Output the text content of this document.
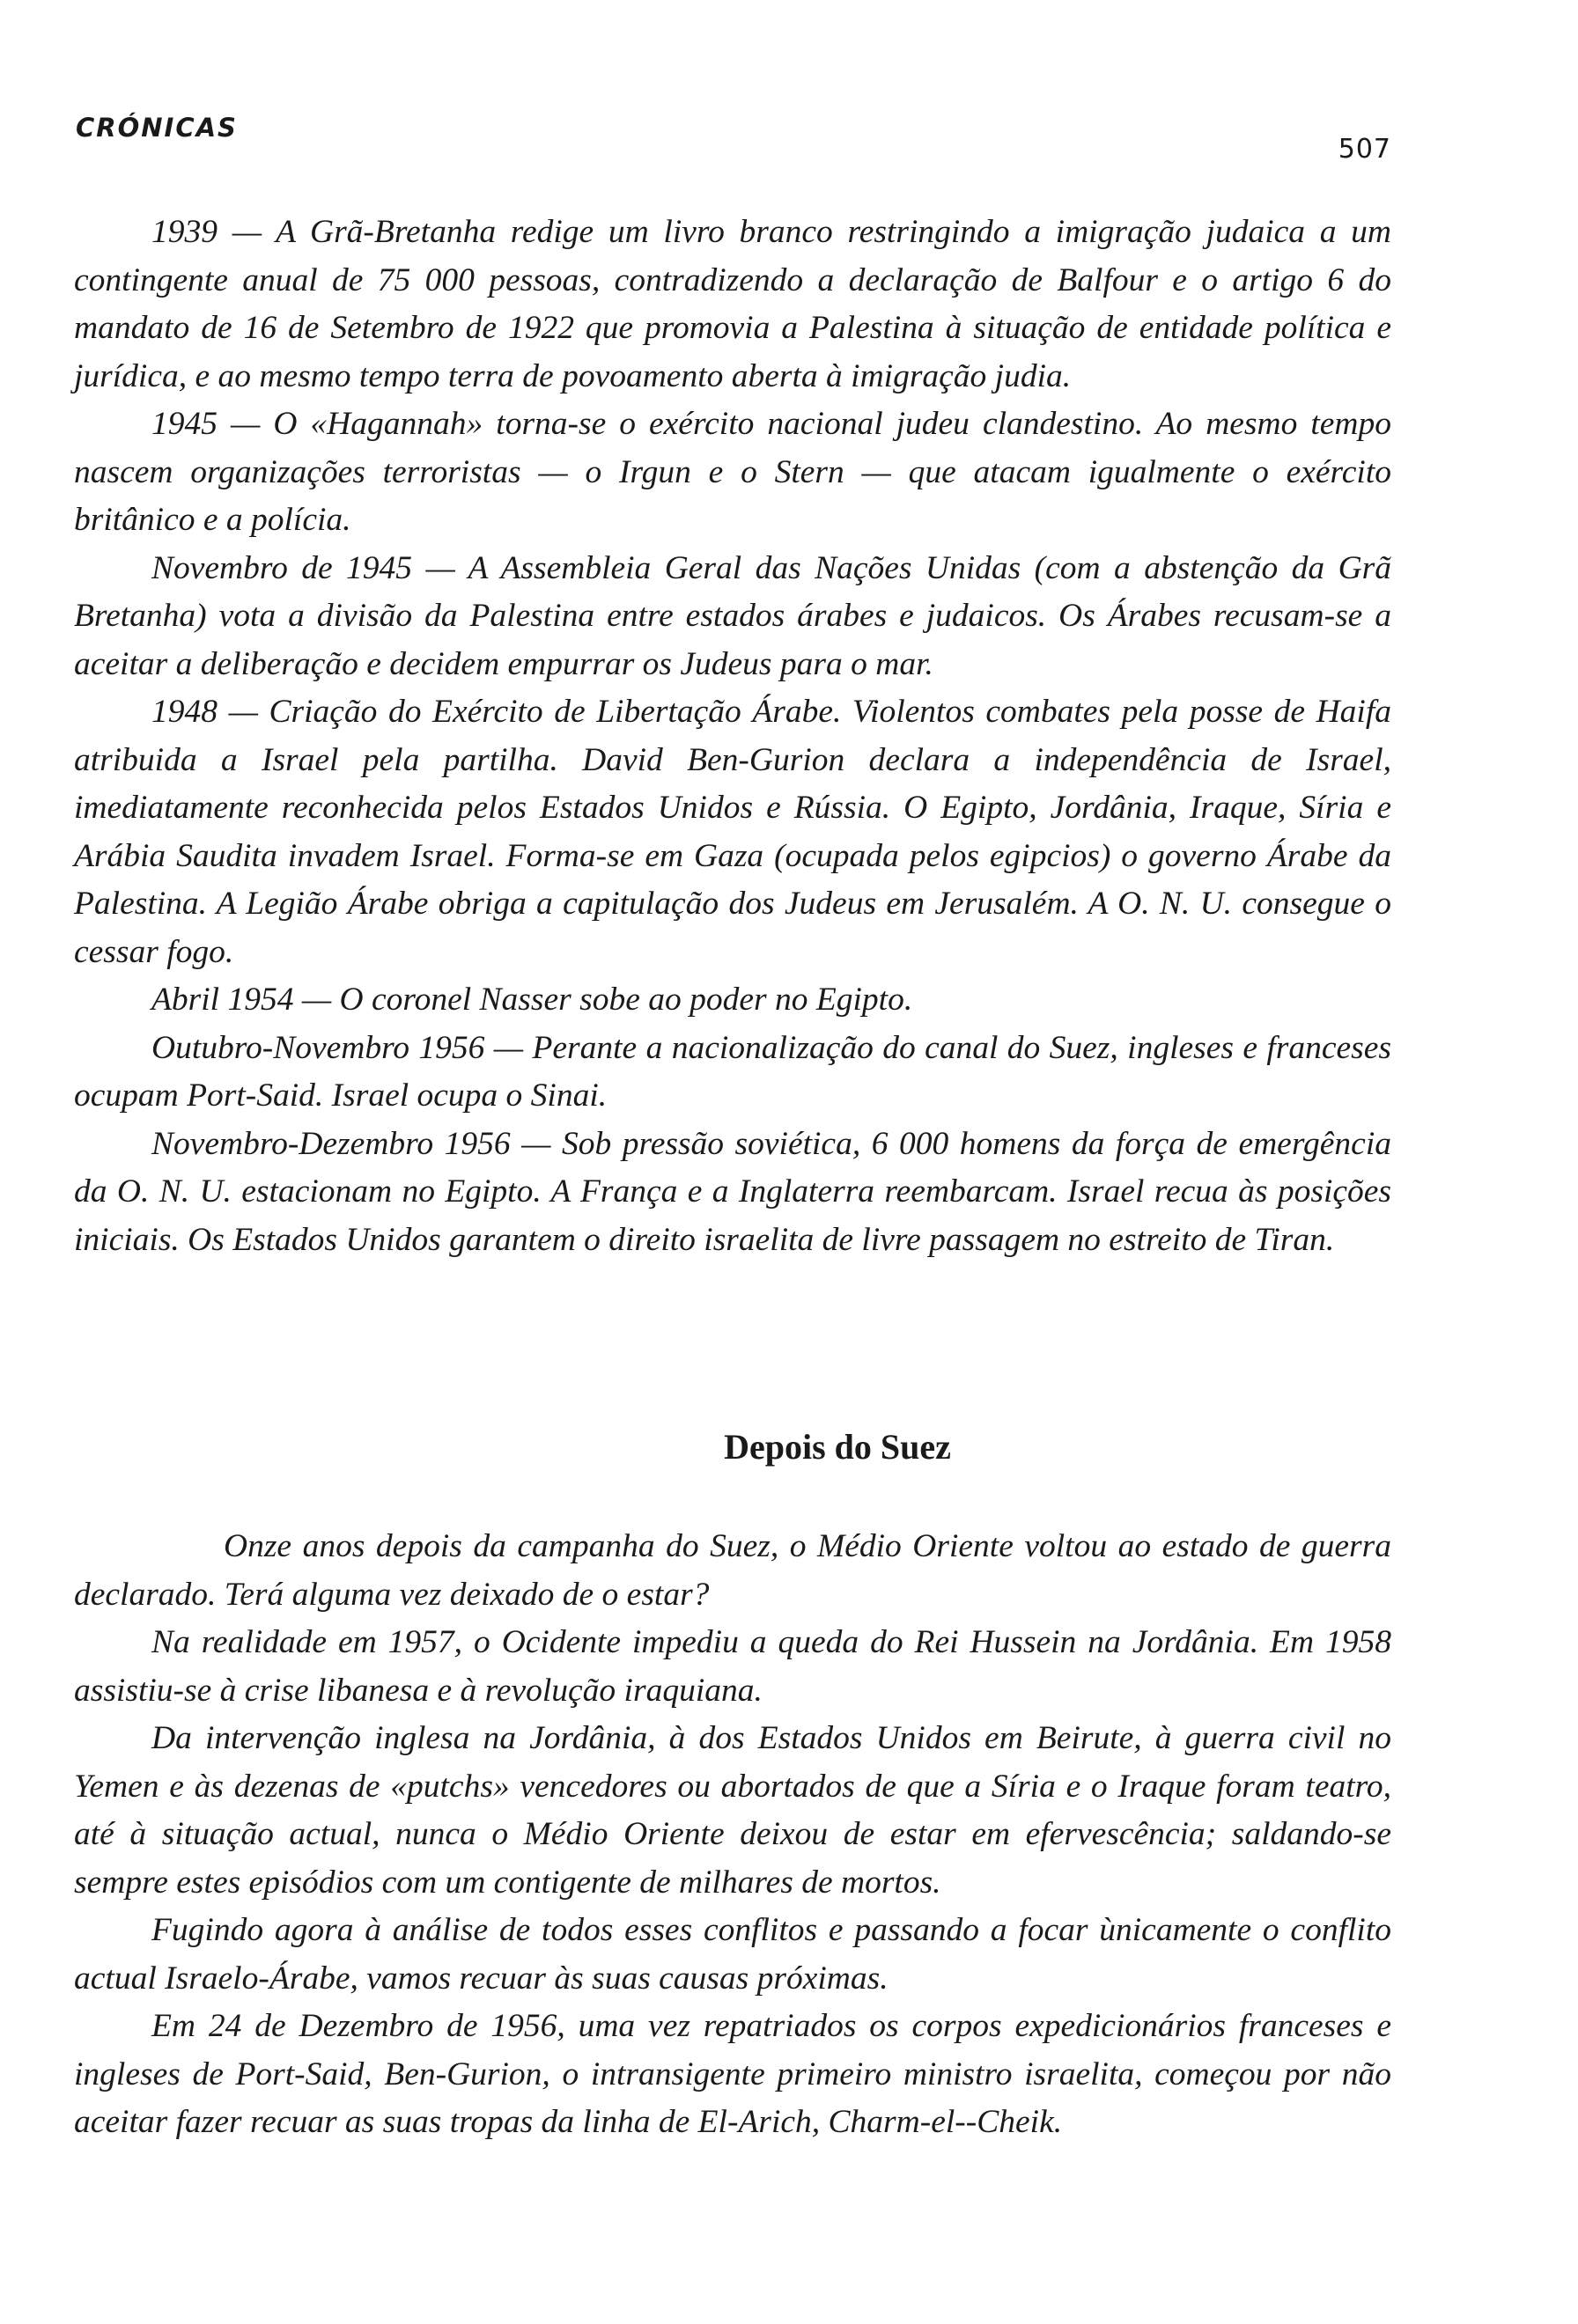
CRÓNICAS
507

1939 — A Grã-Bretanha redige um livro branco restringindo a imigração judaica a um contingente anual de 75 000 pessoas, contradizendo a declaração de Balfour e o artigo 6 do mandato de 16 de Setembro de 1922 que promovia a Palestina à situação de entidade política e jurídica, e ao mesmo tempo terra de povoamento aberta à imigração judia.

1945 — O «Hagannah» torna-se o exército nacional judeu clandestino. Ao mesmo tempo nascem organizações terroristas — o Irgun e o Stern — que atacam igualmente o exército britânico e a polícia.

Novembro de 1945 — A Assembleia Geral das Nações Unidas (com a abstenção da Grã Bretanha) vota a divisão da Palestina entre estados árabes e judaicos. Os Árabes recusam-se a aceitar a deliberação e decidem empurrar os Judeus para o mar.

1948 — Criação do Exército de Libertação Árabe. Violentos combates pela posse de Haifa atribuida a Israel pela partilha. David Ben-Gurion declara a independência de Israel, imediatamente reconhecida pelos Estados Unidos e Rússia. O Egipto, Jordânia, Iraque, Síria e Arábia Saudita invadem Israel. Forma-se em Gaza (ocupada pelos egipcios) o governo Árabe da Palestina. A Legião Árabe obriga a capitulação dos Judeus em Jerusalém. A O. N. U. consegue o cessar fogo.

Abril 1954 — O coronel Nasser sobe ao poder no Egipto.

Outubro-Novembro 1956 — Perante a nacionalização do canal do Suez, ingleses e franceses ocupam Port-Said. Israel ocupa o Sinai.

Novembro-Dezembro 1956 — Sob pressão soviética, 6 000 homens da força de emergência da O. N. U. estacionam no Egipto. A França e a Inglaterra reembarcam. Israel recua às posições iniciais. Os Estados Unidos garantem o direito israelita de livre passagem no estreito de Tiran.

Depois do Suez

Onze anos depois da campanha do Suez, o Médio Oriente voltou ao estado de guerra declarado. Terá alguma vez deixado de o estar?

Na realidade em 1957, o Ocidente impediu a queda do Rei Hussein na Jordânia. Em 1958 assistiu-se à crise libanesa e à revolução iraquiana.

Da intervenção inglesa na Jordânia, à dos Estados Unidos em Beirute, à guerra civil no Yemen e às dezenas de «putchs» vencedores ou abortados de que a Síria e o Iraque foram teatro, até à situação actual, nunca o Médio Oriente deixou de estar em efervescência; saldando-se sempre estes episódios com um contigente de milhares de mortos.

Fugindo agora à análise de todos esses conflitos e passando a focar ùnicamente o conflito actual Israelo-Árabe, vamos recuar às suas causas próximas.

Em 24 de Dezembro de 1956, uma vez repatriados os corpos expedicionários franceses e ingleses de Port-Said, Ben-Gurion, o intransigente primeiro ministro israelita, começou por não aceitar fazer recuar as suas tropas da linha de El-Arich, Charm-el--Cheik.
